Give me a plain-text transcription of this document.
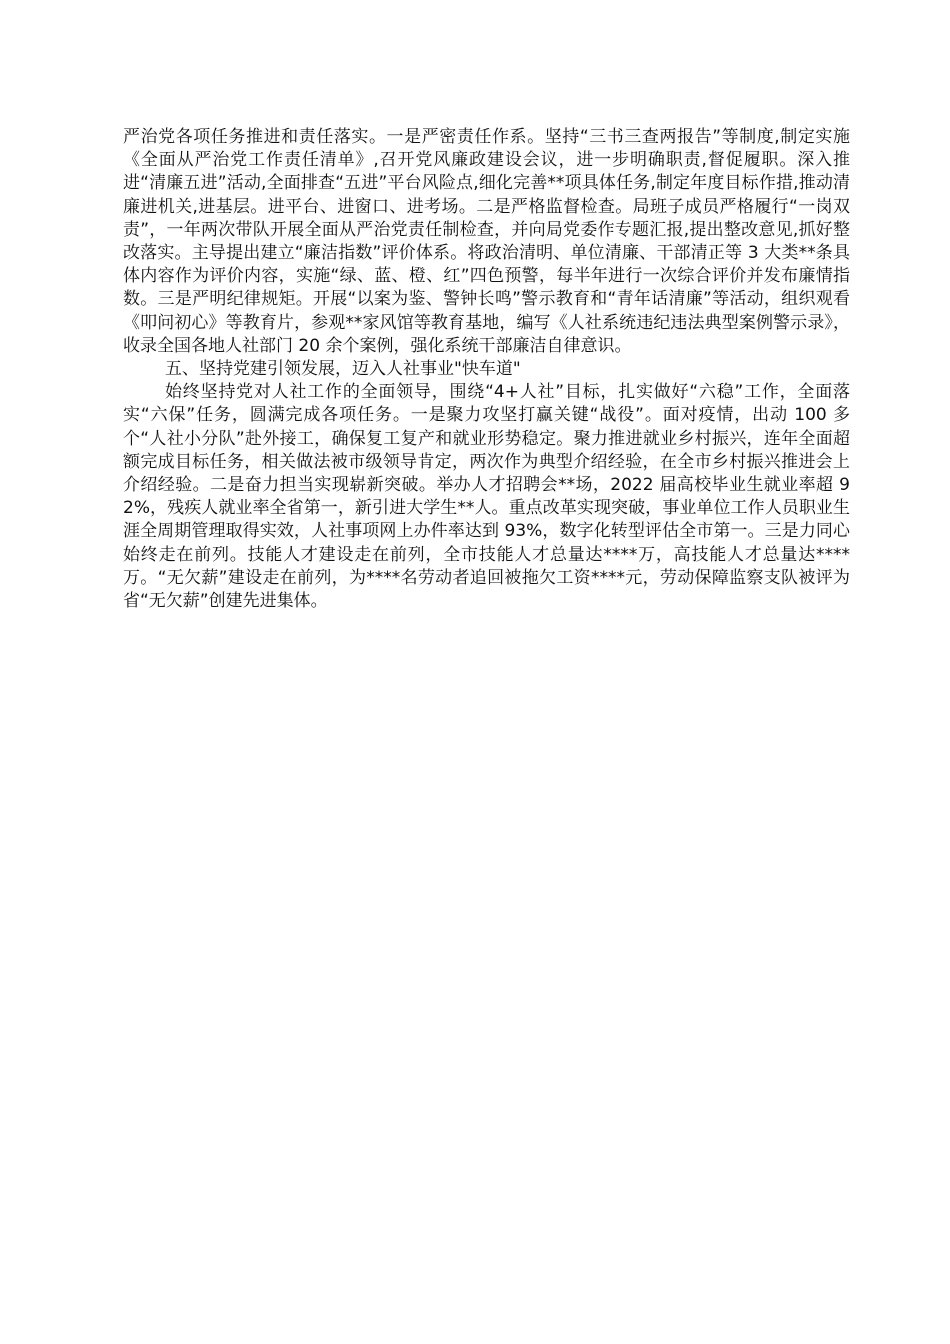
严治党各项任务推进和责任落实。一是严密责任作系。坚持“三书三查两报告”等制度,制定实施《全面从严治党工作责任清单》,召开党风廉政建设会议，进一步明确职责,督促履职。深入推进“清廉五进”活动,全面排查“五进”平台风险点,细化完善**项具体任务,制定年度目标作措,推动清廉进机关,进基层。进平台、进窗口、进考场。二是严格监督检查。局班子成员严格履行“一岗双责”，一年两次带队开展全面从严治党责任制检查，并向局党委作专题汇报,提出整改意见,抓好整改落实。主导提出建立“廉洁指数”评价体系。将政治清明、单位清廉、干部清正等 3 大类**条具体内容作为评价内容，实施“绿、蓝、橙、红”四色预警，每半年进行一次综合评价并发布廉情指数。三是严明纪律规矩。开展“以案为鉴、警钟长鸣”警示教育和“青年话清廉”等活动，组织观看《叩问初心》等教育片，参观**家风馆等教育基地，编写《人社系统违纪违法典型案例警示录》，收录全国各地人社部门 20 余个案例，强化系统干部廉洁自律意识。

五、坚持党建引领发展，迈入人社事业"快车道"

始终坚持党对人社工作的全面领导，围绕“4+人社”目标，扎实做好“六稳”工作，全面落实“六保”任务，圆满完成各项任务。一是聚力攻坚打赢关键“战役”。面对疫情，出动 100 多个“人社小分队”赴外接工，确保复工复产和就业形势稳定。聚力推进就业乡村振兴，连年全面超额完成目标任务，相关做法被市级领导肯定，两次作为典型介绍经验，在全市乡村振兴推进会上介绍经验。二是奋力担当实现崭新突破。举办人才招聘会**场，2022 届高校毕业生就业率超 92%，残疾人就业率全省第一，新引进大学生**人。重点改革实现突破，事业单位工作人员职业生涯全周期管理取得实效，人社事项网上办件率达到 93%，数字化转型评估全市第一。三是力同心始终走在前列。技能人才建设走在前列，全市技能人才总量达****万，高技能人才总量达****万。“无欠薪”建设走在前列，为****名劳动者追回被拖欠工资****元，劳动保障监察支队被评为省“无欠薪”创建先进集体。
